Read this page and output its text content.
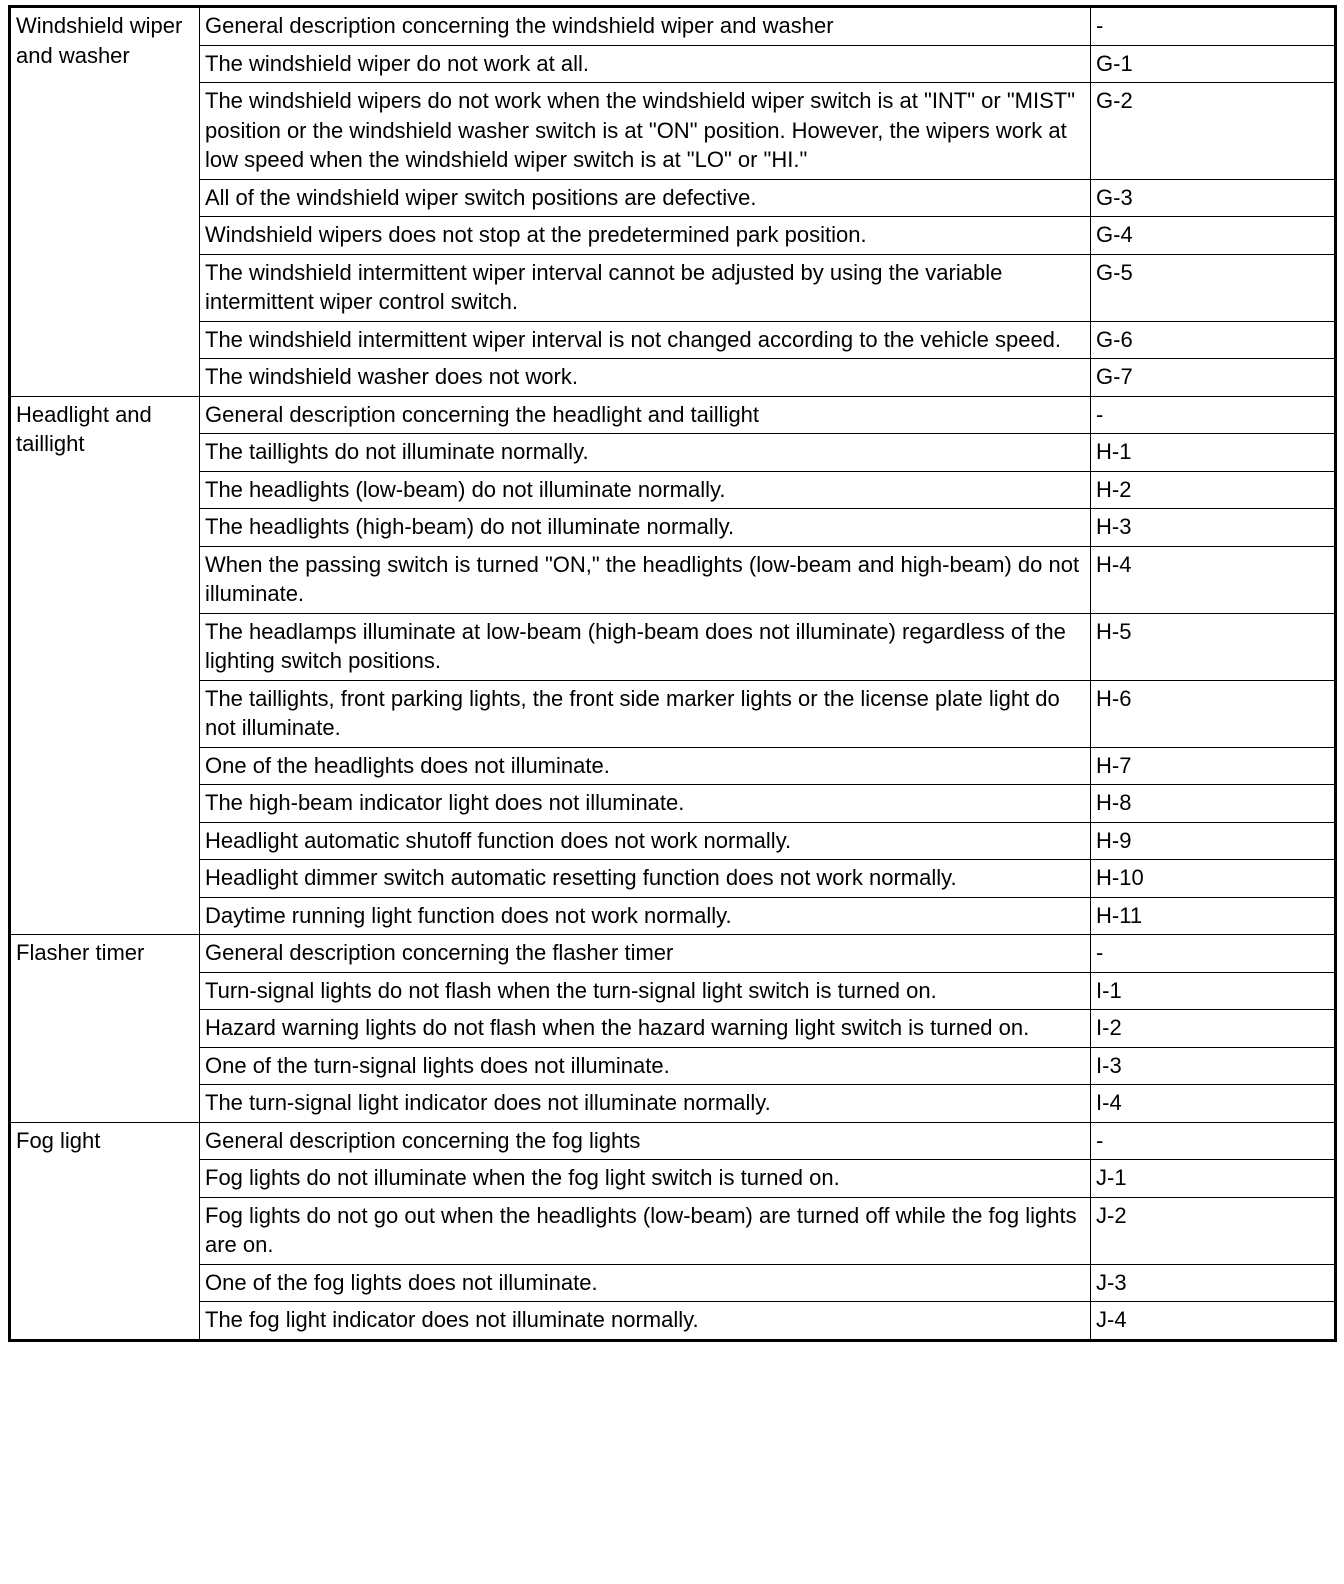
Windshield wiper and washer	General description concerning the windshield wiper and washer	-
	The windshield wiper do not work at all.	G-1
	The windshield wipers do not work when the windshield wiper switch is at "INT" or "MIST" position or the windshield washer switch is at "ON" position. However, the wipers work at low speed when the windshield wiper switch is at "LO" or "HI."	G-2
	All of the windshield wiper switch positions are defective.	G-3
	Windshield wipers does not stop at the predetermined park position.	G-4
	The windshield intermittent wiper interval cannot be adjusted by using the variable intermittent wiper control switch.	G-5
	The windshield intermittent wiper interval is not changed according to the vehicle speed.	G-6
	The windshield washer does not work.	G-7
Headlight and taillight	General description concerning the headlight and taillight	-
	The taillights do not illuminate normally.	H-1
	The headlights (low-beam) do not illuminate normally.	H-2
	The headlights (high-beam) do not illuminate normally.	H-3
	When the passing switch is turned "ON," the headlights (low-beam and high-beam) do not illuminate.	H-4
	The headlamps illuminate at low-beam (high-beam does not illuminate) regardless of the lighting switch positions.	H-5
	The taillights, front parking lights, the front side marker lights or the license plate light do not illuminate.	H-6
	One of the headlights does not illuminate.	H-7
	The high-beam indicator light does not illuminate.	H-8
	Headlight automatic shutoff function does not work normally.	H-9
	Headlight dimmer switch automatic resetting function does not work normally.	H-10
	Daytime running light function does not work normally.	H-11
Flasher timer	General description concerning the flasher timer	-
	Turn-signal lights do not flash when the turn-signal light switch is turned on.	I-1
	Hazard warning lights do not flash when the hazard warning light switch is turned on.	I-2
	One of the turn-signal lights does not illuminate.	I-3
	The turn-signal light indicator does not illuminate normally.	I-4
Fog light	General description concerning the fog lights	-
	Fog lights do not illuminate when the fog light switch is turned on.	J-1
	Fog lights do not go out when the headlights (low-beam) are turned off while the fog lights are on.	J-2
	One of the fog lights does not illuminate.	J-3
	The fog light indicator does not illuminate normally.	J-4
